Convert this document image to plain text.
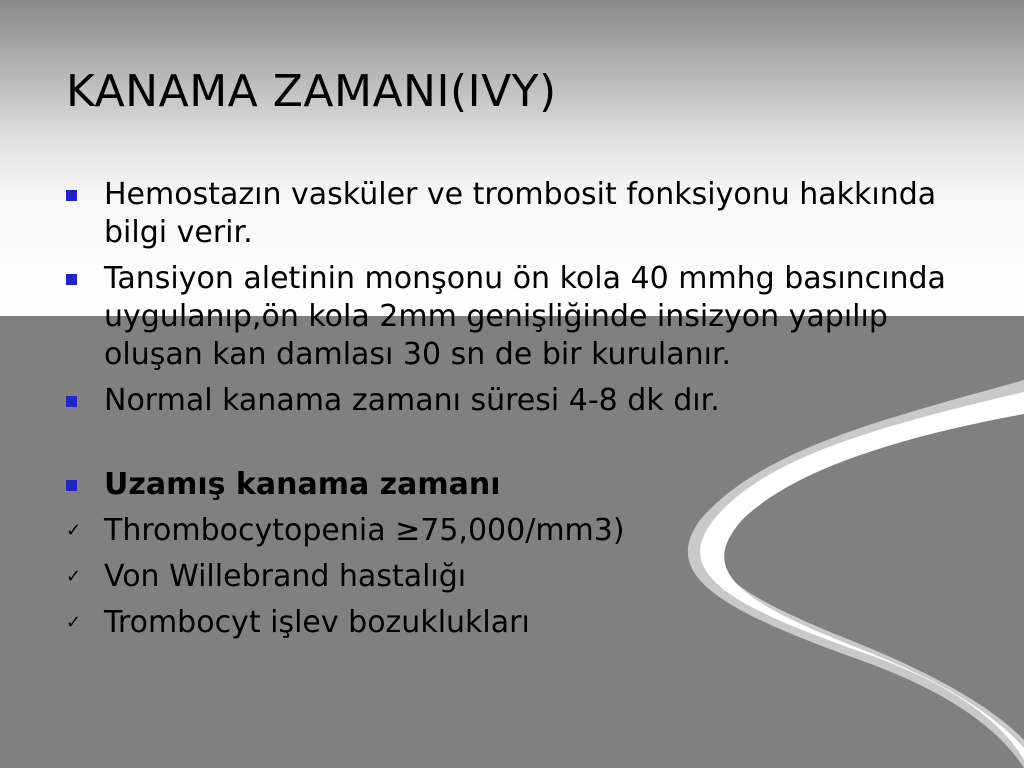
KANAMA ZAMANI(IVY)
Hemostazın vasküler ve trombosit fonksiyonu hakkında bilgi verir.
Tansiyon aletinin monşonu ön kola 40 mmhg basıncında uygulanıp,ön kola 2mm genişliğinde insizyon yapılıp oluşan kan damlası 30 sn de bir kurulanır.
Normal kanama zamanı süresi 4-8 dk dır.
Uzamış kanama zamanı
✓ Thrombocytopenia ≥75,000/mm3)
✓ Von Willebrand hastalığı
✓ Trombocyt işlev bozuklukları
